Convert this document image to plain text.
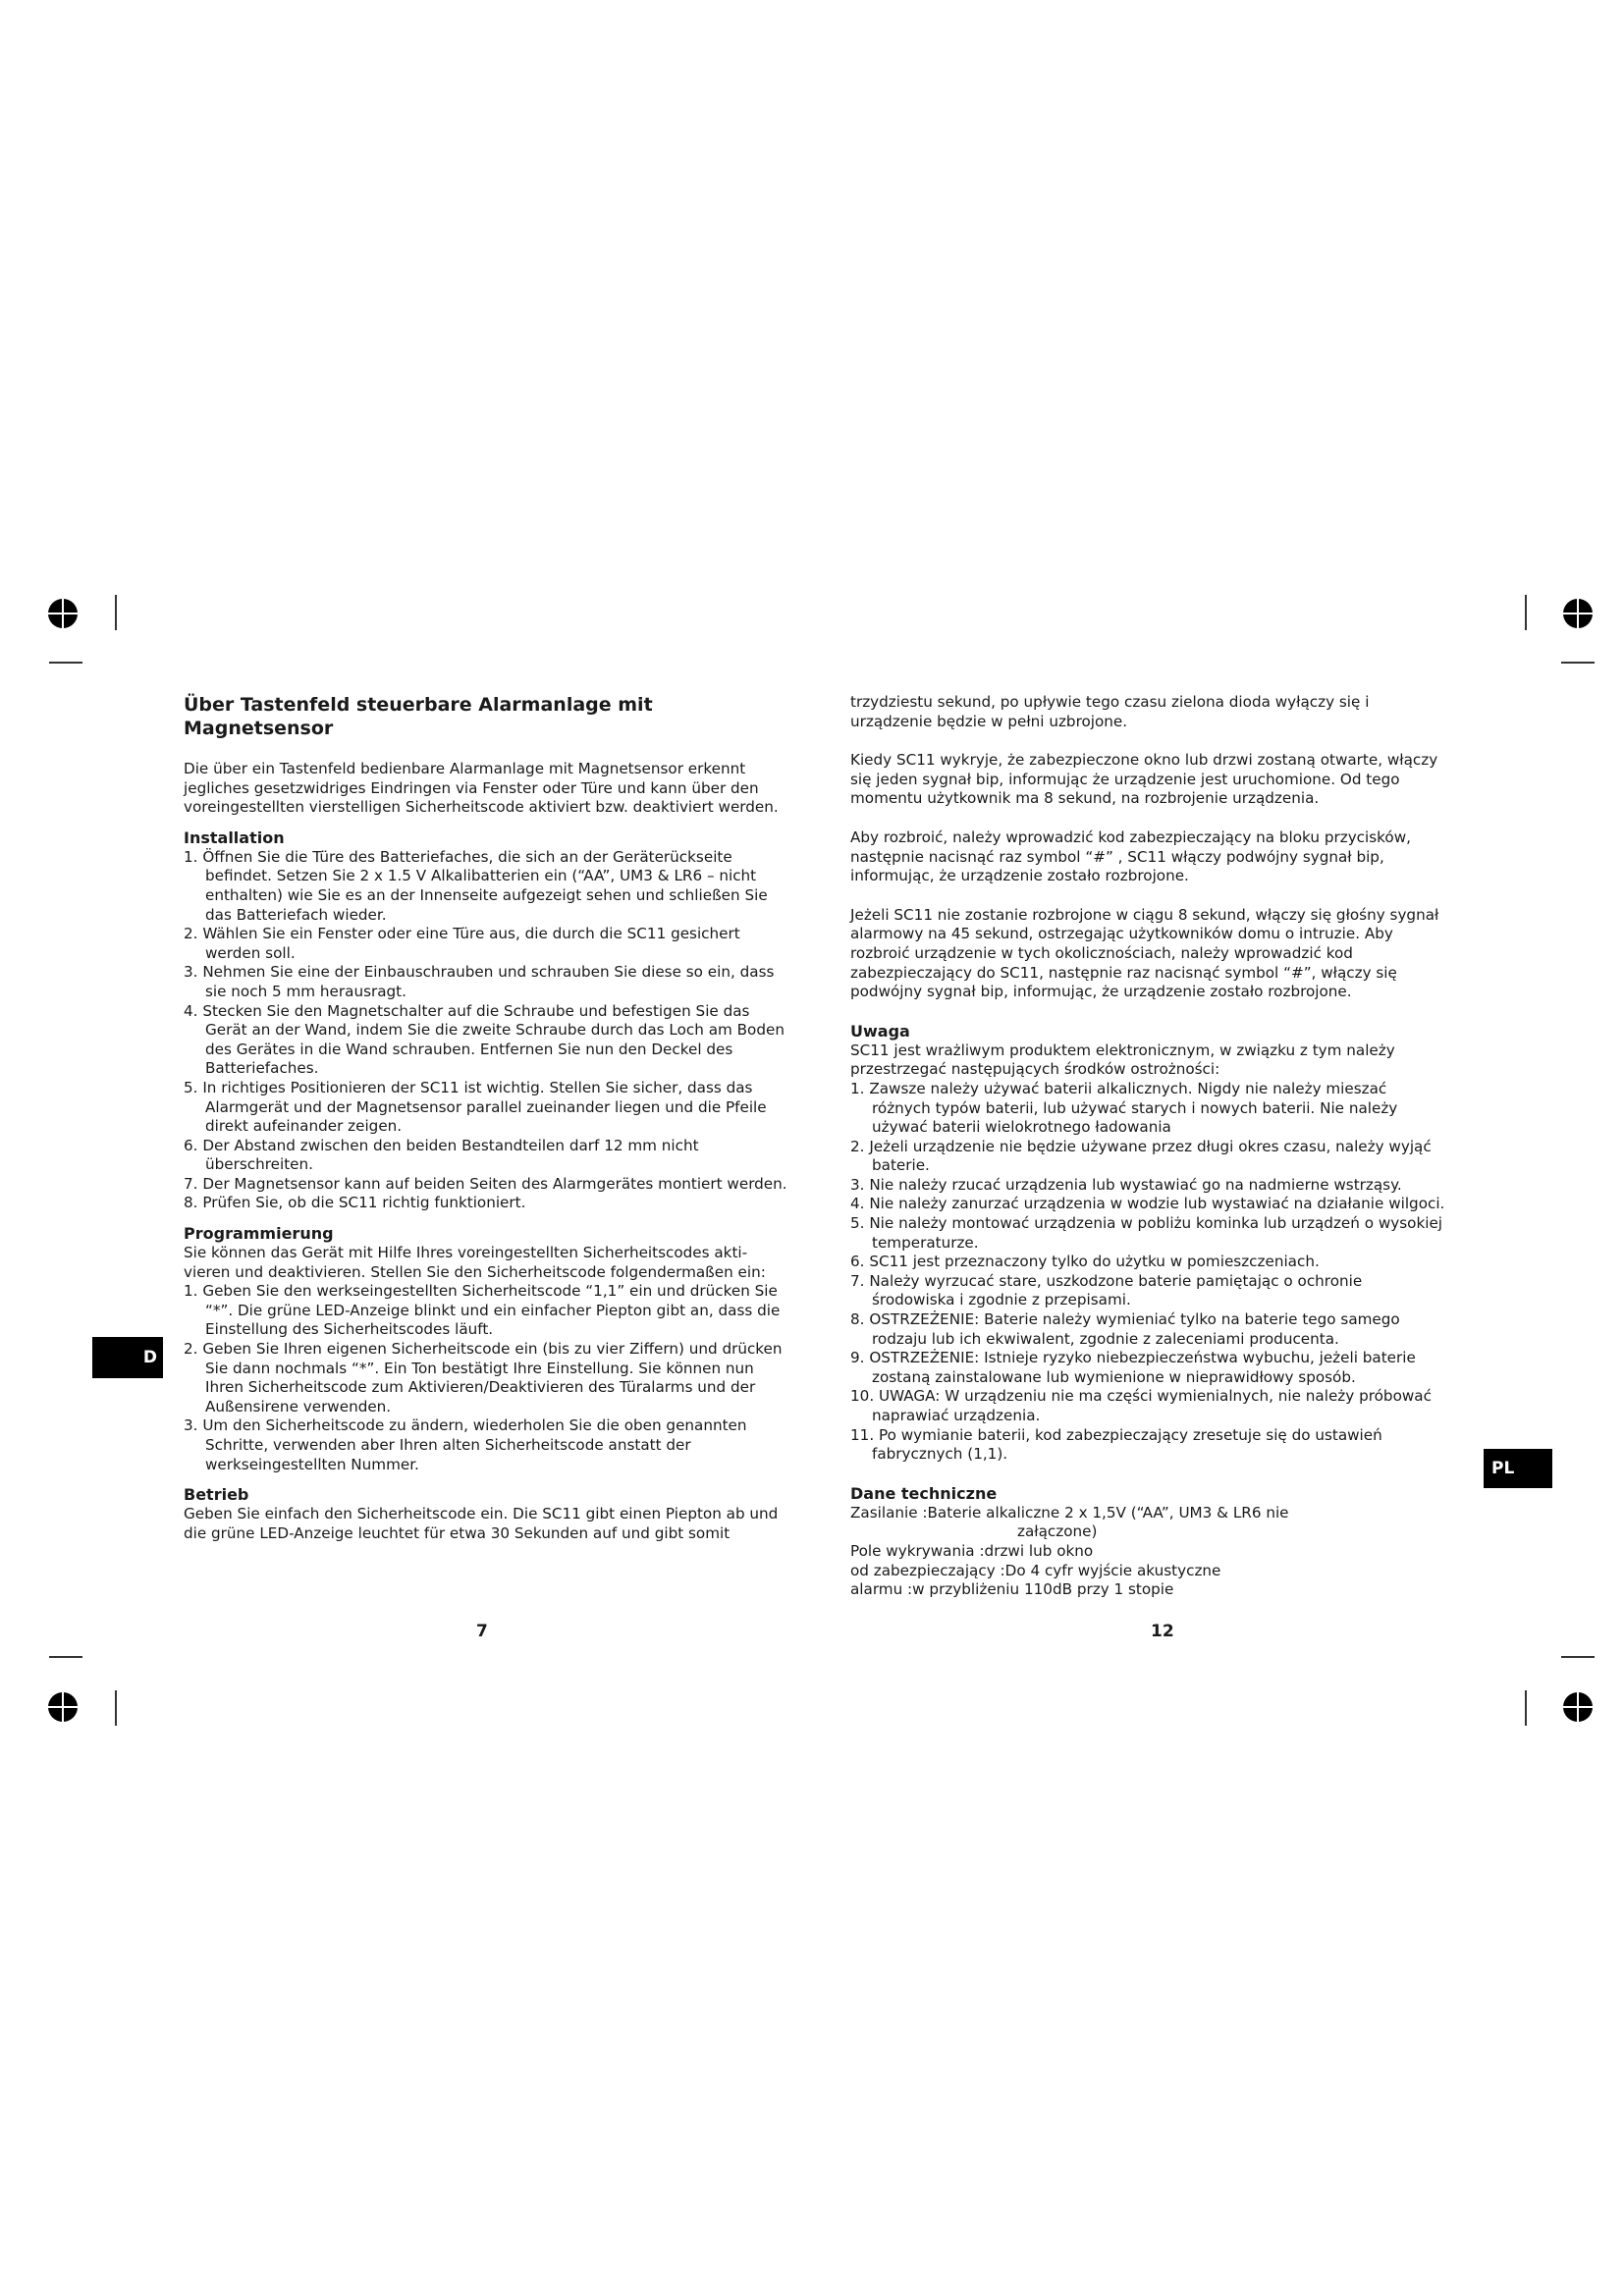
D
PL
Über Tastenfeld steuerbare Alarmanlage mit Magnetsensor

Die über ein Tastenfeld bedienbare Alarmanlage mit Magnetsensor erkennt jegliches gesetzwidriges Eindringen via Fenster oder Türe und kann über den voreingestellten vierstelligen Sicherheitscode aktiviert bzw. deaktiviert werden.

Installation
1. Öffnen Sie die Türe des Batteriefaches, die sich an der Geräterückseite befindet. Setzen Sie 2 x 1.5 V Alkalibatterien ein (“AA”, UM3 & LR6 – nicht enthalten) wie Sie es an der Innenseite aufgezeigt sehen und schließen Sie das Batteriefach wieder.
2. Wählen Sie ein Fenster oder eine Türe aus, die durch die SC11 gesichert werden soll.
3. Nehmen Sie eine der Einbauschrauben und schrauben Sie diese so ein, dass sie noch 5 mm herausragt.
4. Stecken Sie den Magnetschalter auf die Schraube und befestigen Sie das Gerät an der Wand, indem Sie die zweite Schraube durch das Loch am Boden des Gerätes in die Wand schrauben. Entfernen Sie nun den Deckel des Batteriefaches.
5. In richtiges Positionieren der SC11 ist wichtig. Stellen Sie sicher, dass das Alarmgerät und der Magnetsensor parallel zueinander liegen und die Pfeile direkt aufeinander zeigen.
6. Der Abstand zwischen den beiden Bestandteilen darf 12 mm nicht überschreiten.
7. Der Magnetsensor kann auf beiden Seiten des Alarmgerätes montiert werden.
8. Prüfen Sie, ob die SC11 richtig funktioniert.
Programmierung

Sie können das Gerät mit Hilfe Ihres voreingestellten Sicherheitscodes akti-vieren und deaktivieren. Stellen Sie den Sicherheitscode folgendermaßen ein:

1. Geben Sie den werkseingestellten Sicherheitscode “1,1” ein und drücken Sie “*”. Die grüne LED-Anzeige blinkt und ein einfacher Piepton gibt an, dass die Einstellung des Sicherheitscodes läuft.
2. Geben Sie Ihren eigenen Sicherheitscode ein (bis zu vier Ziffern) und drücken Sie dann nochmals “*”. Ein Ton bestätigt Ihre Einstellung. Sie können nun Ihren Sicherheitscode zum Aktivieren/Deaktivieren des Türalarms und der Außensirene verwenden.
3. Um den Sicherheitscode zu ändern, wiederholen Sie die oben genannten Schritte, verwenden aber Ihren alten Sicherheitscode anstatt der werkseingestellten Nummer.
Betrieb

Geben Sie einfach den Sicherheitscode ein. Die SC11 gibt einen Piepton ab und die grüne LED-Anzeige leuchtet für etwa 30 Sekunden auf und gibt somit

trzydziestu sekund, po upływie tego czasu zielona dioda wyłączy się i urządzenie będzie w pełni uzbrojone.

Kiedy SC11 wykryje, że zabezpieczone okno lub drzwi zostaną otwarte, włączy się jeden sygnał bip, informując że urządzenie jest uruchomione. Od tego momentu użytkownik ma 8 sekund, na rozbrojenie urządzenia.

Aby rozbroić, należy wprowadzić kod zabezpieczający na bloku przycisków, następnie nacisnąć raz symbol “#” , SC11 włączy podwójny sygnał bip, informując, że urządzenie zostało rozbrojone.

Jeżeli SC11 nie zostanie rozbrojone w ciągu 8 sekund, włączy się głośny sygnał alarmowy na 45 sekund, ostrzegając użytkowników domu o intruzie. Aby rozbroić urządzenie w tych okolicznościach, należy wprowadzić kod zabezpieczający do SC11, następnie raz nacisnąć symbol “#”, włączy się podwójny sygnał bip, informując, że urządzenie zostało rozbrojone.

Uwaga

SC11 jest wrażliwym produktem elektronicznym, w związku z tym należy przestrzegać następujących środków ostrożności:

1. Zawsze należy używać baterii alkalicznych. Nigdy nie należy mieszać różnych typów baterii, lub używać starych i nowych baterii. Nie należy używać baterii wielokrotnego ładowania
2. Jeżeli urządzenie nie będzie używane przez długi okres czasu, należy wyjąć baterie.
3. Nie należy rzucać urządzenia lub wystawiać go na nadmierne wstrząsy.
4. Nie należy zanurzać urządzenia w wodzie lub wystawiać na działanie wilgoci.
5. Nie należy montować urządzenia w pobliżu kominka lub urządzeń o wysokiej temperaturze.
6. SC11 jest przeznaczony tylko do użytku w pomieszczeniach.
7. Należy wyrzucać stare, uszkodzone baterie pamiętając o ochronie środowiska i zgodnie z przepisami.
8. OSTRZEŻENIE: Baterie należy wymieniać tylko na baterie tego samego rodzaju lub ich ekwiwalent, zgodnie z zaleceniami producenta.
9. OSTRZEŻENIE: Istnieje ryzyko niebezpieczeństwa wybuchu, jeżeli baterie zostaną zainstalowane lub wymienione w nieprawidłowy sposób.
10. UWAGA: W urządzeniu nie ma części wymienialnych, nie należy próbować naprawiać urządzenia.
11. Po wymianie baterii, kod zabezpieczający zresetuje się do ustawień fabrycznych (1,1).
Dane techniczne

Zasilanie :Baterie alkaliczne 2 x 1,5V (“AA”, UM3 & LR6 nie

załączone)

Pole wykrywania :drzwi lub okno

od zabezpieczający :Do 4 cyfr wyjście akustyczne

alarmu :w przybliżeniu 110dB przy 1 stopie

7	12
